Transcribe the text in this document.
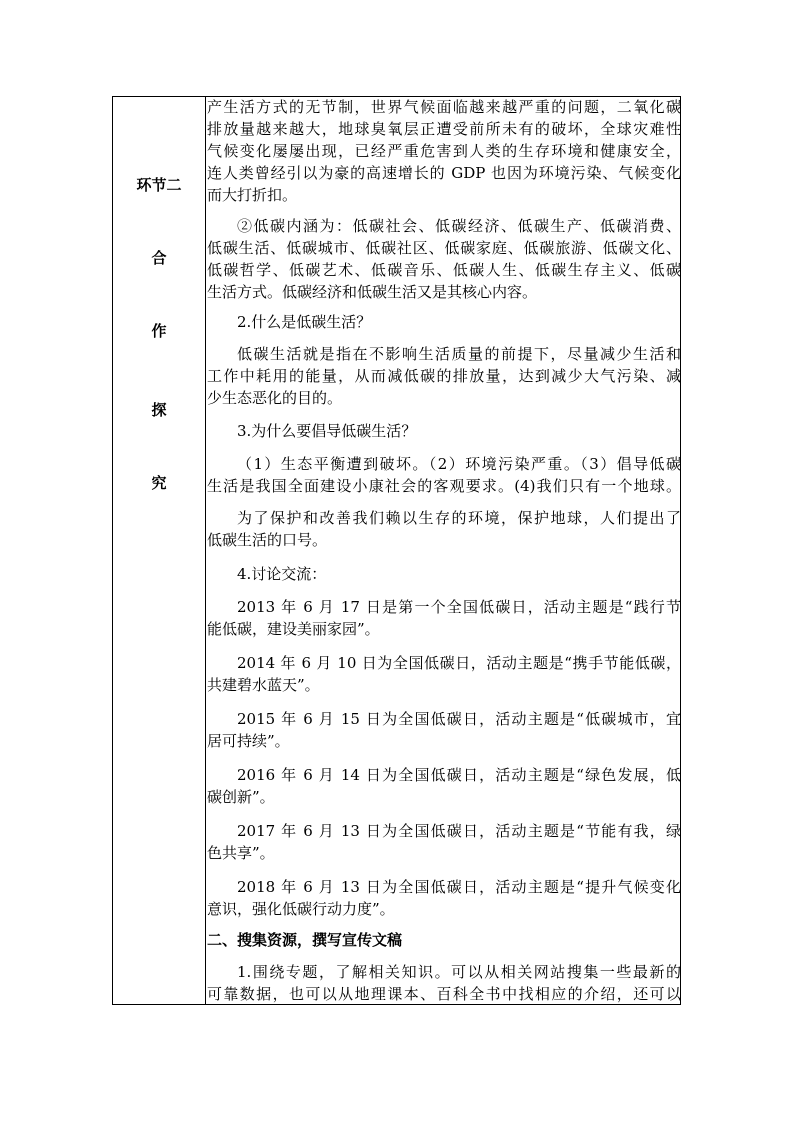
环节二
合
作
探
究

产生活方式的无节制，世界气候面临越来越严重的问题，二氧化碳
排放量越来越大，地球臭氧层正遭受前所未有的破坏，全球灾难性
气候变化屡屡出现，已经严重危害到人类的生存环境和健康安全，
连人类曾经引以为豪的高速增长的 GDP 也因为环境污染、气候变化
而大打折扣。
②低碳内涵为：低碳社会、低碳经济、低碳生产、低碳消费、
低碳生活、低碳城市、低碳社区、低碳家庭、低碳旅游、低碳文化、
低碳哲学、低碳艺术、低碳音乐、低碳人生、低碳生存主义、低碳
生活方式。低碳经济和低碳生活又是其核心内容。
2.什么是低碳生活？
低碳生活就是指在不影响生活质量的前提下，尽量减少生活和
工作中耗用的能量，从而减低碳的排放量，达到减少大气污染、减
少生态恶化的目的。
3.为什么要倡导低碳生活？
（1）生态平衡遭到破坏。（2）环境污染严重。（3）倡导低碳
生活是我国全面建设小康社会的客观要求。(4)我们只有一个地球。
为了保护和改善我们赖以生存的环境，保护地球，人们提出了
低碳生活的口号。
4.讨论交流：
2013 年 6 月 17 日是第一个全国低碳日，活动主题是“践行节
能低碳，建设美丽家园”。
2014 年 6 月 10 日为全国低碳日，活动主题是“携手节能低碳，
共建碧水蓝天”。
2015 年 6 月 15 日为全国低碳日，活动主题是“低碳城市，宜
居可持续”。
2016 年 6 月 14 日为全国低碳日，活动主题是“绿色发展，低
碳创新”。
2017 年 6 月 13 日为全国低碳日，活动主题是“节能有我，绿
色共享”。
2018 年 6 月 13 日为全国低碳日，活动主题是“提升气候变化
意识，强化低碳行动力度”。
二、搜集资源，撰写宣传文稿
1.围绕专题，了解相关知识。可以从相关网站搜集一些最新的
可靠数据，也可以从地理课本、百科全书中找相应的介绍，还可以
